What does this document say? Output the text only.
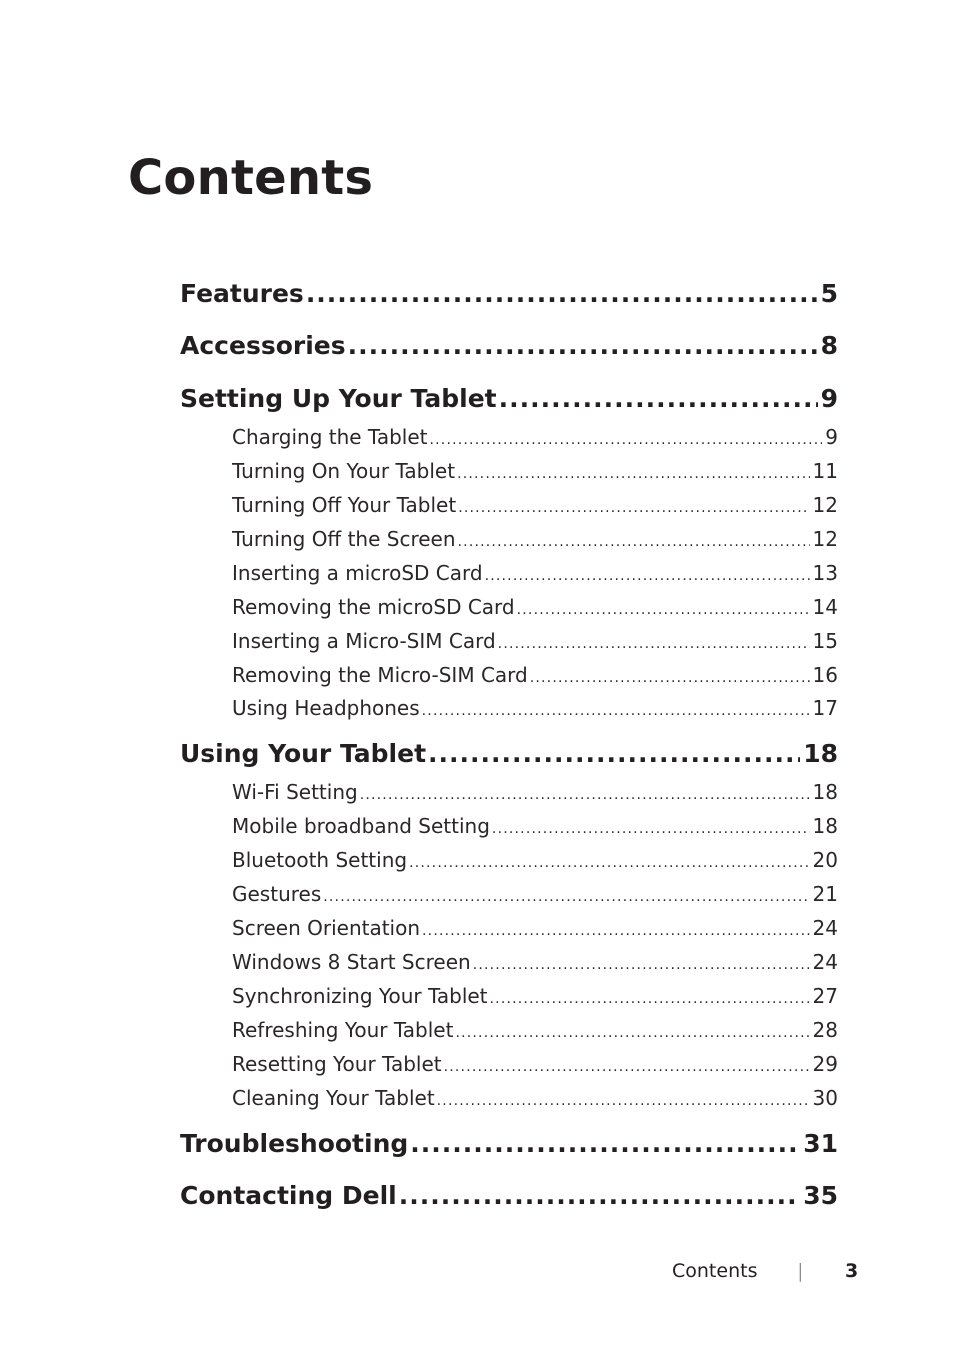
Contents
Features .....	5
Accessories .....	8
Setting Up Your Tablet .....	9
Charging the Tablet .....	9
Turning On Your Tablet .....	11
Turning Off Your Tablet .....	12
Turning Off the Screen .....	12
Inserting a microSD Card .....	13
Removing the microSD Card .....	14
Inserting a Micro-SIM Card .....	15
Removing the Micro-SIM Card .....	16
Using Headphones .....	17
Using Your Tablet .....	18
Wi-Fi Setting .....	18
Mobile broadband Setting .....	18
Bluetooth Setting .....	20
Gestures .....	21
Screen Orientation .....	24
Windows 8 Start Screen .....	24
Synchronizing Your Tablet .....	27
Refreshing Your Tablet .....	28
Resetting Your Tablet .....	29
Cleaning Your Tablet .....	30
Troubleshooting .....	31
Contacting Dell .....	35
Contents | 3
